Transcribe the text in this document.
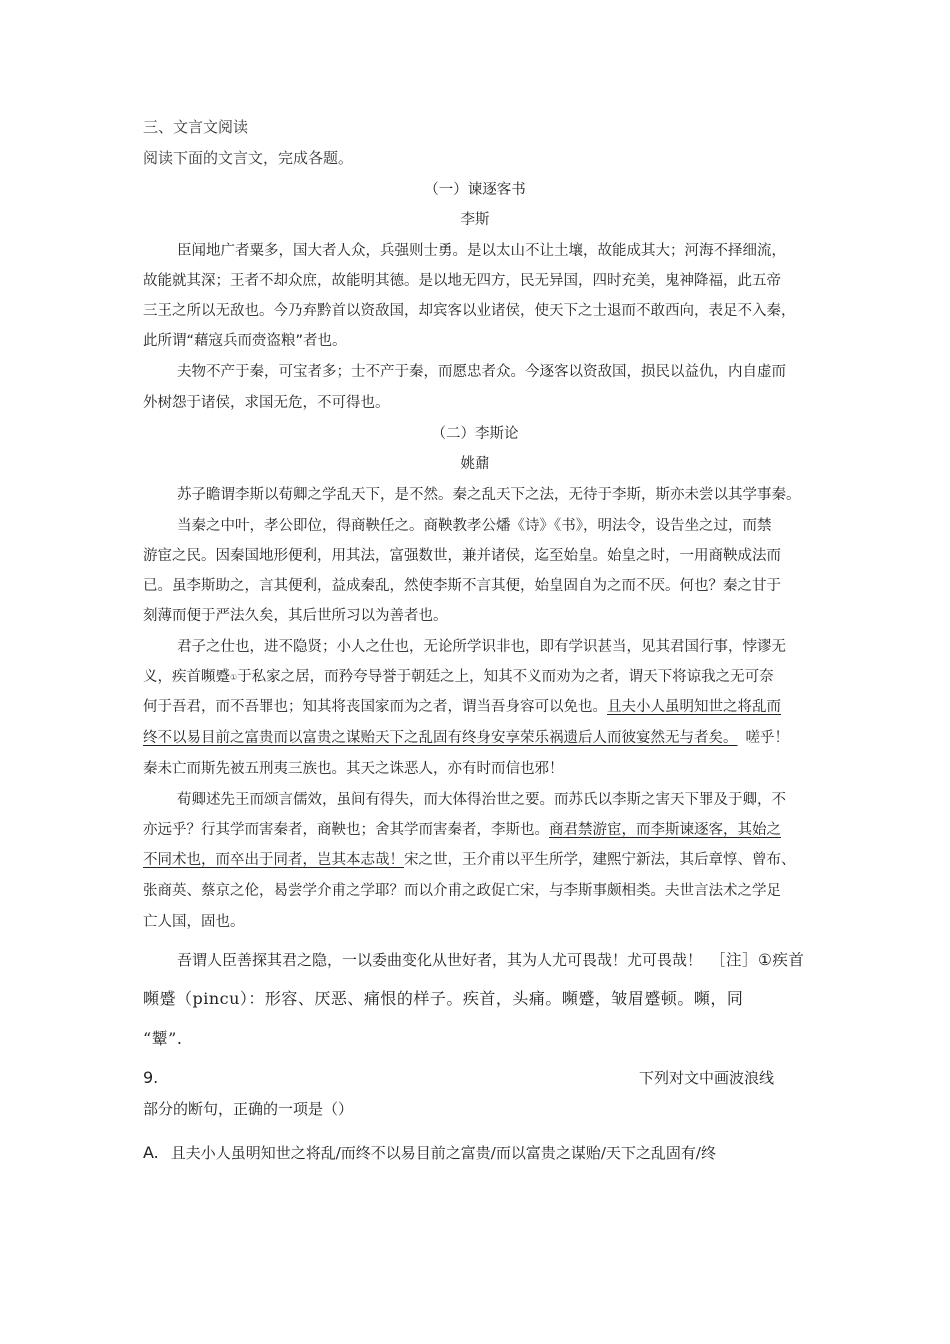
三、文言文阅读
阅读下面的文言文，完成各题。
（一）谏逐客书
李斯
臣闻地广者粟多，国大者人众，兵强则士勇。是以太山不让土壤，故能成其大；河海不择细流，
故能就其深；王者不却众庶，故能明其德。是以地无四方，民无异国，四时充美，鬼神降福，此五帝
三王之所以无敌也。今乃弃黔首以资敌国，却宾客以业诸侯，使天下之士退而不敢西向，表足不入秦，
此所谓“藉寇兵而赍盗粮”者也。
夫物不产于秦，可宝者多；士不产于秦，而愿忠者众。今逐客以资敌国，损民以益仇，内自虚而
外树怨于诸侯，求国无危，不可得也。
（二）李斯论
姚鼐
苏子瞻谓李斯以荀卿之学乱天下，是不然。秦之乱天下之法，无待于李斯，斯亦未尝以其学事秦。
当秦之中叶，孝公即位，得商鞅任之。商鞅教孝公燔《诗》《书》，明法令，设告坐之过，而禁
游宦之民。因秦国地形便利，用其法，富强数世，兼并诸侯，迄至始皇。始皇之时，一用商鞅成法而
已。虽李斯助之，言其便利，益成秦乱，然使李斯不言其便，始皇固自为之而不厌。何也？秦之甘于
刻薄而便于严法久矣，其后世所习以为善者也。
君子之仕也，进不隐贤；小人之仕也，无论所学识非也，即有学识甚当，见其君国行事，悖谬无
义，疾首嚬蹙①于私家之居，而矜夸导誉于朝廷之上，知其不义而劝为之者，谓天下将谅我之无可奈
何于吾君，而不吾罪也；知其将丧国家而为之者，谓当吾身容可以免也。且夫小人虽明知世之将乱而
终不以易目前之富贵而以富贵之谋贻天下之乱固有终身安享荣乐祸遗后人而彼宴然无与者矣。 嗟乎！
秦未亡而斯先被五刑夷三族也。其天之诛恶人，亦有时而信也邪！
荀卿述先王而颂言儒效，虽间有得失，而大体得治世之要。而苏氏以李斯之害天下罪及于卿，不
亦远乎？行其学而害秦者，商鞅也；舍其学而害秦者，李斯也。商君禁游宦，而李斯谏逐客，其始之
不同术也，而卒出于同者，岂其本志哉！宋之世，王介甫以平生所学，建熙宁新法，其后章惇、曾布、
张商英、蔡京之伦，曷尝学介甫之学耶？而以介甫之政促亡宋，与李斯事颇相类。夫世言法术之学足
亡人国，固也。
吾谓人臣善探其君之隐，一以委曲变化从世好者，其为人尤可畏哉！尤可畏哉！ ［注］①疾首
嚬蹙（pincu）：形容、厌恶、痛恨的样子。疾首，头痛。嚬蹙，皱眉蹙顿。嚬，同
“颦”.
9.	下列对文中画波浪线
部分的断句，正确的一项是（）
A. 且夫小人虽明知世之将乱/而终不以易目前之富贵/而以富贵之谋贻/天下之乱固有/终
